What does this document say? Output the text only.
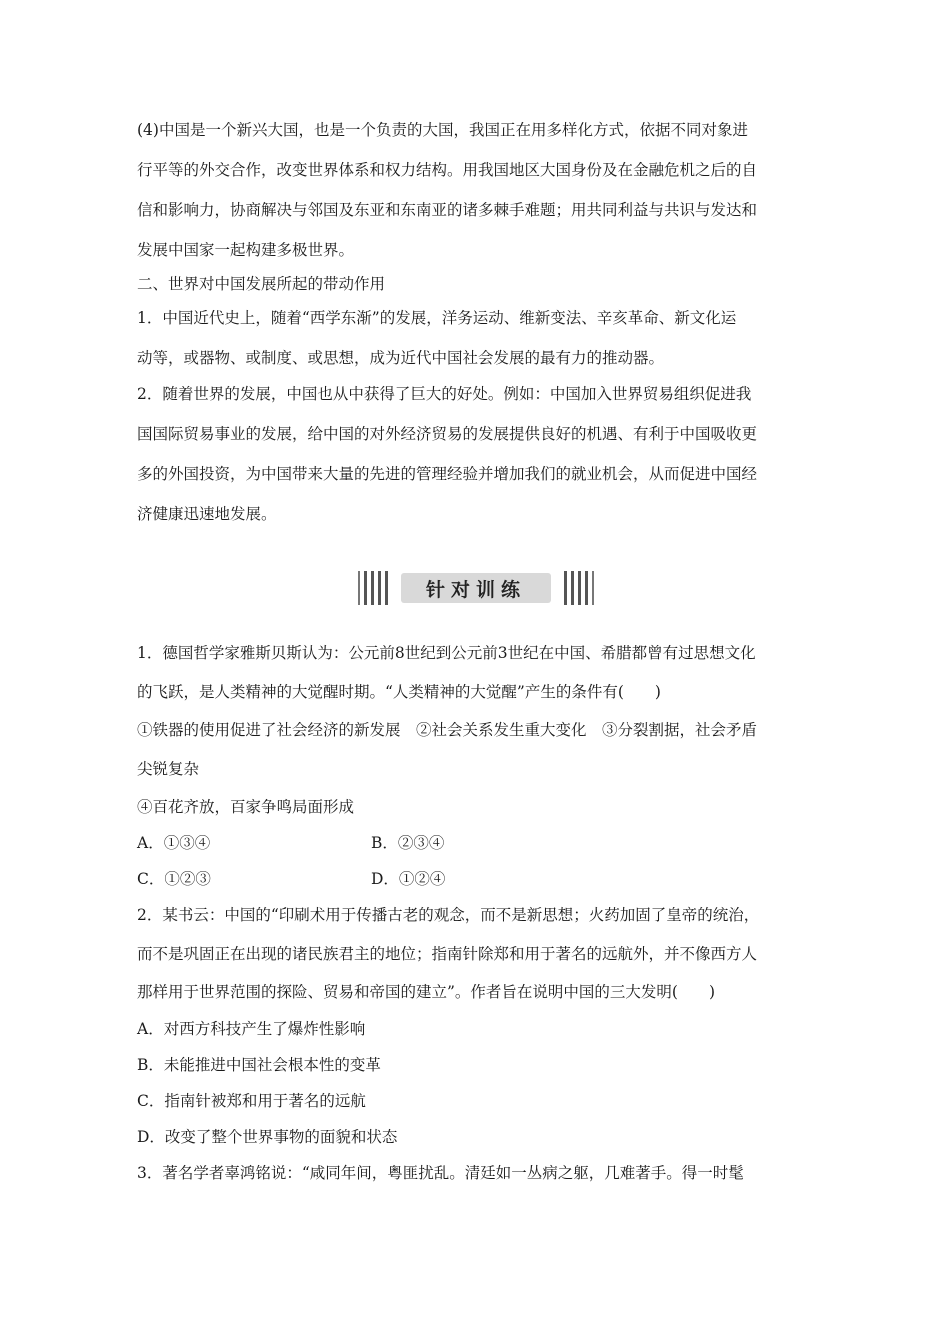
(4)中国是一个新兴大国，也是一个负责的大国，我国正在用多样化方式，依据不同对象进

行平等的外交合作，改变世界体系和权力结构。用我国地区大国身份及在金融危机之后的自

信和影响力，协商解决与邻国及东亚和东南亚的诸多棘手难题；用共同利益与共识与发达和

发展中国家一起构建多极世界。

二、世界对中国发展所起的带动作用

1．中国近代史上，随着“西学东渐”的发展，洋务运动、维新变法、辛亥革命、新文化运

动等，或器物、或制度、或思想，成为近代中国社会发展的最有力的推动器。

2．随着世界的发展，中国也从中获得了巨大的好处。例如：中国加入世界贸易组织促进我

国国际贸易事业的发展，给中国的对外经济贸易的发展提供良好的机遇、有利于中国吸收更

多的外国投资，为中国带来大量的先进的管理经验并增加我们的就业机会，从而促进中国经

济健康迅速地发展。

针对训练

1．德国哲学家雅斯贝斯认为：公元前8世纪到公元前3世纪在中国、希腊都曾有过思想文化

的飞跃，是人类精神的大觉醒时期。“人类精神的大觉醒”产生的条件有(　　)

①铁器的使用促进了社会经济的新发展　②社会关系发生重大变化　③分裂割据，社会矛盾

尖锐复杂

④百花齐放，百家争鸣局面形成

A．①③④	B．②③④
C．①②③	D．①②④

2．某书云：中国的“印刷术用于传播古老的观念，而不是新思想；火药加固了皇帝的统治，

而不是巩固正在出现的诸民族君主的地位；指南针除郑和用于著名的远航外，并不像西方人

那样用于世界范围的探险、贸易和帝国的建立”。作者旨在说明中国的三大发明(　　)

A．对西方科技产生了爆炸性影响

B．未能推进中国社会根本性的变革

C．指南针被郑和用于著名的远航

D．改变了整个世界事物的面貌和状态

3．著名学者辜鸿铭说：“咸同年间，粤匪扰乱。清廷如一丛病之躯，几难著手。得一时髦
